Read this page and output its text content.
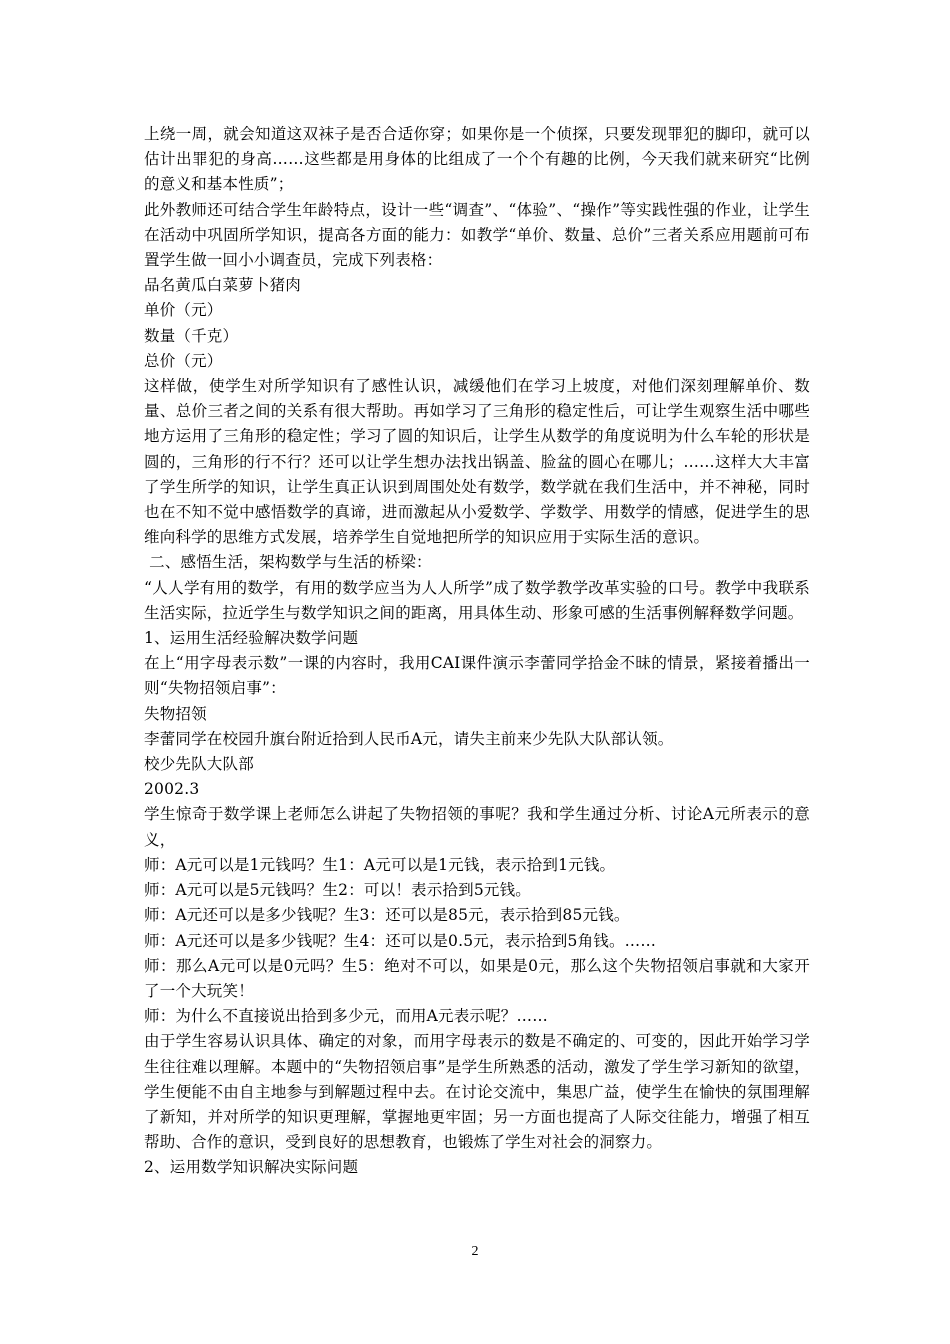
上绕一周，就会知道这双袜子是否合适你穿；如果你是一个侦探，只要发现罪犯的脚印，就可以估计出罪犯的身高……这些都是用身体的比组成了一个个有趣的比例，今天我们就来研究“比例的意义和基本性质”；

此外教师还可结合学生年龄特点，设计一些“调查”、“体验”、“操作”等实践性强的作业，让学生在活动中巩固所学知识，提高各方面的能力：如教学“单价、数量、总价”三者关系应用题前可布置学生做一回小小调查员，完成下列表格：

品名黄瓜白菜萝卜猪肉

单价（元）

数量（千克）

总价（元）

这样做，使学生对所学知识有了感性认识，减缓他们在学习上坡度，对他们深刻理解单价、数量、总价三者之间的关系有很大帮助。再如学习了三角形的稳定性后，可让学生观察生活中哪些地方运用了三角形的稳定性；学习了圆的知识后，让学生从数学的角度说明为什么车轮的形状是圆的，三角形的行不行？还可以让学生想办法找出锅盖、脸盆的圆心在哪儿；……这样大大丰富了学生所学的知识，让学生真正认识到周围处处有数学，数学就在我们生活中，并不神秘，同时也在不知不觉中感悟数学的真谛，进而激起从小爱数学、学数学、用数学的情感，促进学生的思维向科学的思维方式发展，培养学生自觉地把所学的知识应用于实际生活的意识。

二、感悟生活，架构数学与生活的桥梁：

“人人学有用的数学，有用的数学应当为人人所学”成了数学教学改革实验的口号。教学中我联系生活实际，拉近学生与数学知识之间的距离，用具体生动、形象可感的生活事例解释数学问题。

1、运用生活经验解决数学问题

在上“用字母表示数”一课的内容时，我用CAI课件演示李蕾同学拾金不昧的情景，紧接着播出一则“失物招领启事”：

失物招领

李蕾同学在校园升旗台附近拾到人民币A元，请失主前来少先队大队部认领。

校少先队大队部

2002.3

学生惊奇于数学课上老师怎么讲起了失物招领的事呢？我和学生通过分析、讨论A元所表示的意义，

师：A元可以是1元钱吗？生1：A元可以是1元钱，表示拾到1元钱。

师：A元可以是5元钱吗？生2：可以！表示拾到5元钱。

师：A元还可以是多少钱呢？生3：还可以是85元，表示拾到85元钱。

师：A元还可以是多少钱呢？生4：还可以是0.5元，表示拾到5角钱。……

师：那么A元可以是0元吗？生5：绝对不可以，如果是0元，那么这个失物招领启事就和大家开了一个大玩笑！

师：为什么不直接说出拾到多少元，而用A元表示呢？……

由于学生容易认识具体、确定的对象，而用字母表示的数是不确定的、可变的，因此开始学习学生往往难以理解。本题中的“失物招领启事”是学生所熟悉的活动，激发了学生学习新知的欲望，学生便能不由自主地参与到解题过程中去。在讨论交流中，集思广益，使学生在愉快的氛围理解了新知，并对所学的知识更理解，掌握地更牢固；另一方面也提高了人际交往能力，增强了相互帮助、合作的意识，受到良好的思想教育，也锻炼了学生对社会的洞察力。

2、运用数学知识解决实际问题

2
